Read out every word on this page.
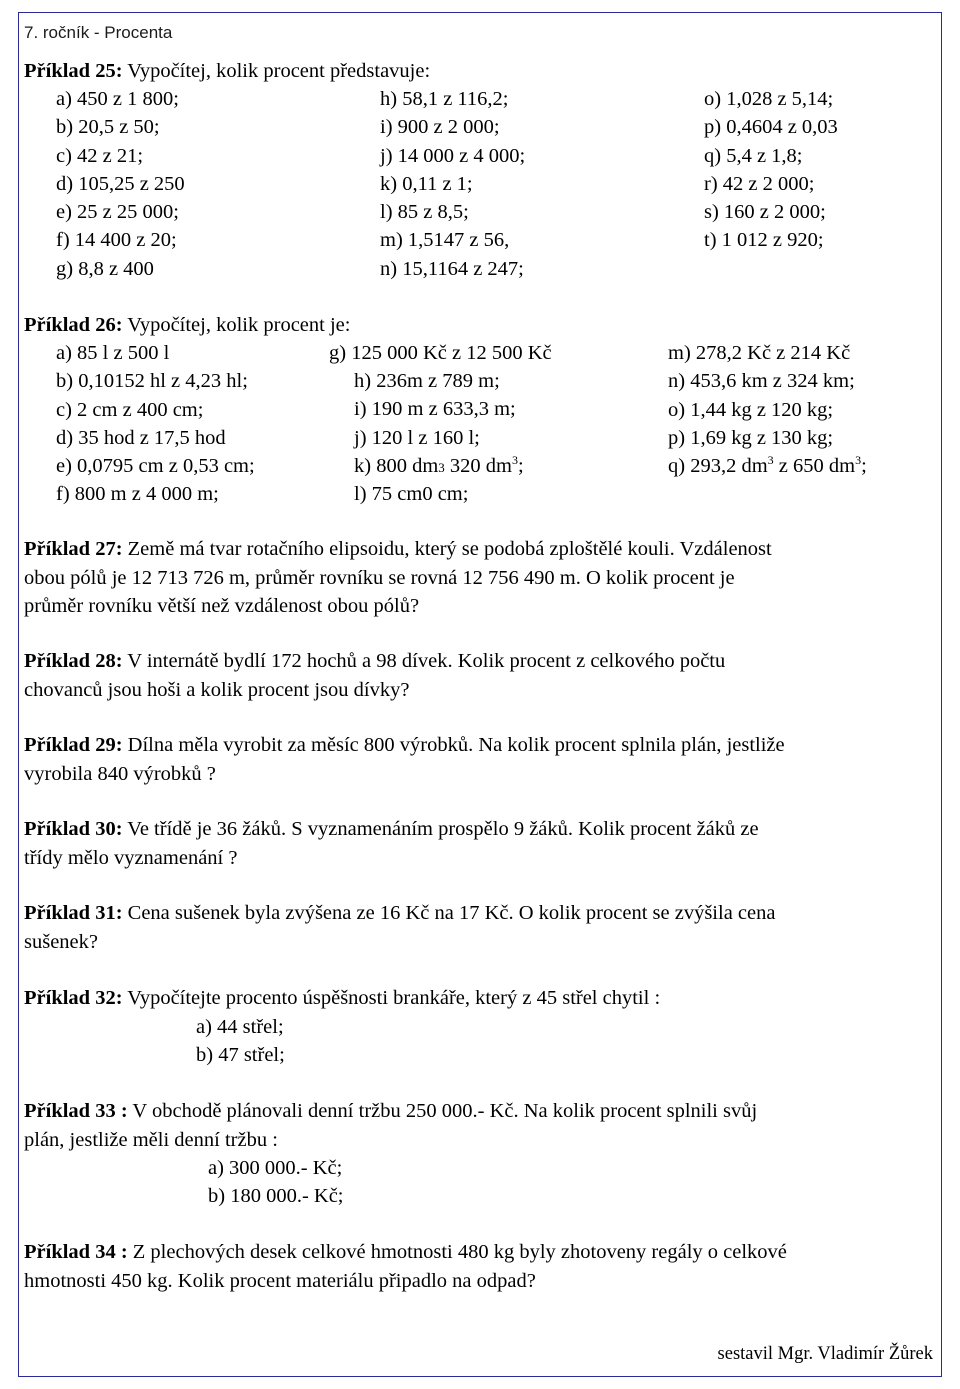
7. ročník - Procenta
Příklad 25: Vypočítej, kolik procent představuje:
a) 450 z 1 800;
b) 20,5 z 50;
c) 42 z 21;
d) 105,25 z 250
e) 25 z 25 000;
f) 14 400 z 20;
g) 8,8 z 400
h) 58,1 z 116,2;
i) 900 z 2 000;
j) 14 000 z 4 000;
k) 0,11 z 1;
l) 85 z 8,5;
m) 1,5147 z 56,
n) 15,1164 z 247;
o) 1,028 z 5,14;
p) 0,4604 z 0,03
q) 5,4 z 1,8;
r) 42 z 2 000;
s) 160 z 2 000;
t) 1 012 z 920;
Příklad 26: Vypočítej, kolik procent je:
a) 85 l z 500 l
b) 0,10152 hl z 4,23 hl;
c) 2 cm z 400 cm;
d) 35 hod z 17,5 hod
e) 0,0795 cm z 0,53 cm;
f) 800 m z 4 000 m;
g) 125 000 Kč z 12 500 Kč
h) 236m z 789 m;
i) 190 m z 633,3 m;
j) 120 l z 160 l;
k) 800 dm3 320 $dm^3$;
l) 75 cm0 cm;
m) 278,2 Kč z 214 Kč
n) 453,6 km z 324 km;
o) 1,44 kg z 120 kg;
p) 1,69 kg z 130 kg;
q) 293,2 $dm^3$ z 650 $dm^3$;
Příklad 27: Země má tvar rotačního elipsoidu, který se podobá zploštělé kouli. Vzdálenost
obou pólů je 12 713 726 m, průměr rovníku se rovná 12 756 490 m. O kolik procent je
průměr rovníku větší než vzdálenost obou pólů?
Příklad 28: V internátě bydlí 172 hochů a 98 dívek. Kolik procent z celkového počtu
chovanců jsou hoši a kolik procent jsou dívky?
Příklad 29: Dílna měla vyrobit za měsíc 800 výrobků. Na kolik procent splnila plán, jestliže
vyrobila 840 výrobků ?
Příklad 30: Ve třídě je 36 žáků. S vyznamenáním prospělo 9 žáků. Kolik procent žáků ze
třídy mělo vyznamenání ?
Příklad 31: Cena sušenek byla zvýšena ze 16 Kč na 17 Kč. O kolik procent se zvýšila cena
sušenek?
Příklad 32: Vypočítejte procento úspěšnosti brankáře, který z 45 střel chytil :
a) 44 střel;
b) 47 střel;
Příklad 33 : V obchodě plánovali denní tržbu 250 000.- Kč. Na kolik procent splnili svůj
plán, jestliže měli denní tržbu :
a) 300 000.- Kč;
b) 180 000.- Kč;
Příklad 34 : Z plechových desek celkové hmotnosti 480 kg byly zhotoveny regály o celkové
hmotnosti 450 kg. Kolik procent materiálu připadlo na odpad?
sestavil Mgr. Vladimír Žůrek
